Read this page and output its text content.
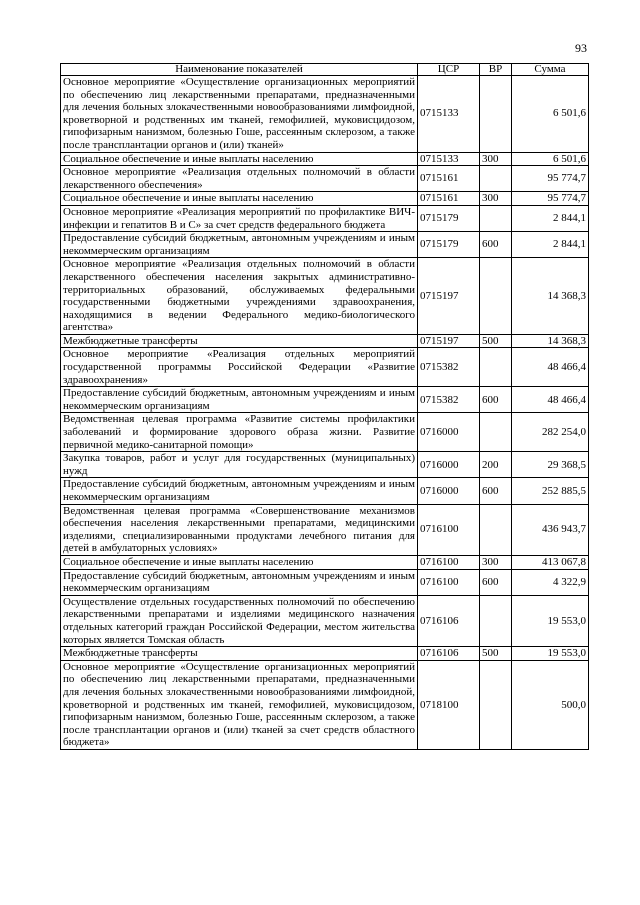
93
Наименование показателей	ЦСР	ВР	Сумма
Основное мероприятие «Осуществление организационных мероприятий по обеспечению лиц лекарственными препаратами, предназначенными для лечения больных злокачественными новообразованиями лимфоидной, кроветворной и родственных им тканей, гемофилией, муковисцидозом, гипофизарным нанизмом, болезнью Гоше, рассеянным склерозом, а также после трансплантации органов и (или) тканей»	0715133		6 501,6
Социальное обеспечение и иные выплаты населению	0715133	300	6 501,6
Основное мероприятие «Реализация отдельных полномочий в области лекарственного обеспечения»	0715161		95 774,7
Социальное обеспечение и иные выплаты населению	0715161	300	95 774,7
Основное мероприятие «Реализация мероприятий по профилактике ВИЧ-инфекции и гепатитов B и C» за счет средств федерального бюджета	0715179		2 844,1
Предоставление субсидий бюджетным, автономным учреждениям и иным некоммерческим организациям	0715179	600	2 844,1
Основное мероприятие «Реализация отдельных полномочий в области лекарственного обеспечения населения закрытых административно-территориальных образований, обслуживаемых федеральными государственными бюджетными учреждениями здравоохранения, находящимися в ведении Федерального медико-биологического агентства»	0715197		14 368,3
Межбюджетные трансферты	0715197	500	14 368,3
Основное мероприятие «Реализация отдельных мероприятий государственной программы Российской Федерации «Развитие здравоохранения»	0715382		48 466,4
Предоставление субсидий бюджетным, автономным учреждениям и иным некоммерческим организациям	0715382	600	48 466,4
Ведомственная целевая программа «Развитие системы профилактики заболеваний и формирование здорового образа жизни. Развитие первичной медико-санитарной помощи»	0716000		282 254,0
Закупка товаров, работ и услуг для государственных (муниципальных) нужд	0716000	200	29 368,5
Предоставление субсидий бюджетным, автономным учреждениям и иным некоммерческим организациям	0716000	600	252 885,5
Ведомственная целевая программа «Совершенствование механизмов обеспечения населения лекарственными препаратами, медицинскими изделиями, специализированными продуктами лечебного питания для детей в амбулаторных условиях»	0716100		436 943,7
Социальное обеспечение и иные выплаты населению	0716100	300	413 067,8
Предоставление субсидий бюджетным, автономным учреждениям и иным некоммерческим организациям	0716100	600	4 322,9
Осуществление отдельных государственных полномочий по обеспечению лекарственными препаратами и изделиями медицинского назначения отдельных категорий граждан Российской Федерации, местом жительства которых является Томская область	0716106		19 553,0
Межбюджетные трансферты	0716106	500	19 553,0
Основное мероприятие «Осуществление организационных мероприятий по обеспечению лиц лекарственными препаратами, предназначенными для лечения больных злокачественными новообразованиями лимфоидной, кроветворной и родственных им тканей, гемофилией, муковисцидозом, гипофизарным нанизмом, болезнью Гоше, рассеянным склерозом, а также после трансплантации органов и (или) тканей за счет средств областного бюджета»	0718100		500,0
